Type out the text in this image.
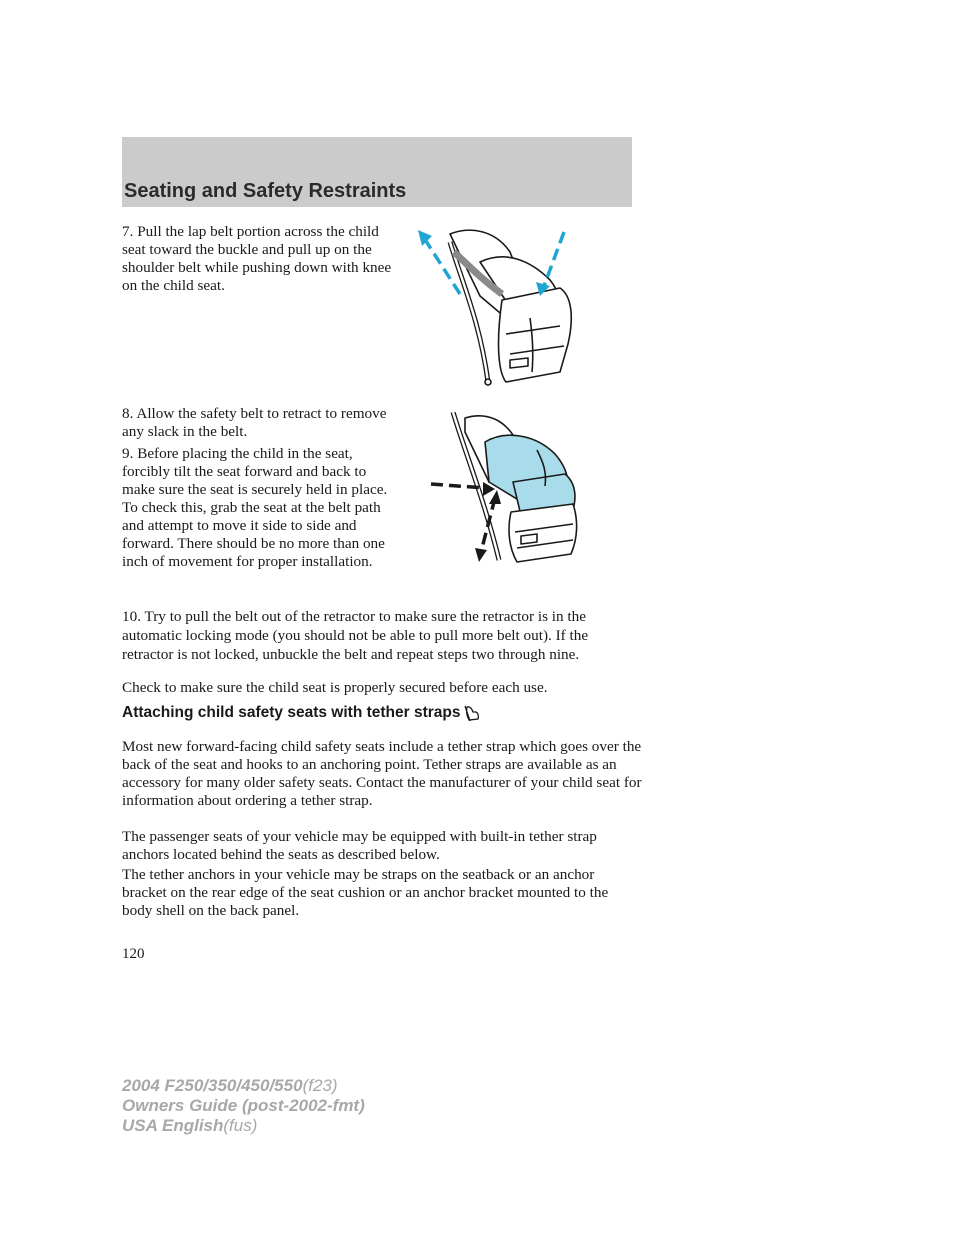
Seating and Safety Restraints

7. Pull the lap belt portion across the child seat toward the buckle and pull up on the shoulder belt while pushing down with knee on the child seat.

8. Allow the safety belt to retract to remove any slack in the belt.

9. Before placing the child in the seat, forcibly tilt the seat forward and back to make sure the seat is securely held in place. To check this, grab the seat at the belt path and attempt to move it side to side and forward. There should be no more than one inch of movement for proper installation.

10. Try to pull the belt out of the retractor to make sure the retractor is in the automatic locking mode (you should not be able to pull more belt out). If the retractor is not locked, unbuckle the belt and repeat steps two through nine.

Check to make sure the child seat is properly secured before each use.

Attaching child safety seats with tether straps

Most new forward-facing child safety seats include a tether strap which goes over the back of the seat and hooks to an anchoring point. Tether straps are available as an accessory for many older safety seats. Contact the manufacturer of your child seat for information about ordering a tether strap.

The passenger seats of your vehicle may be equipped with built-in tether strap anchors located behind the seats as described below.

The tether anchors in your vehicle may be straps on the seatback or an anchor bracket on the rear edge of the seat cushion or an anchor bracket mounted to the body shell on the back panel.

120
2004 F250/350/450/550(f23)
Owners Guide (post-2002-fmt)
USA English(fus)
